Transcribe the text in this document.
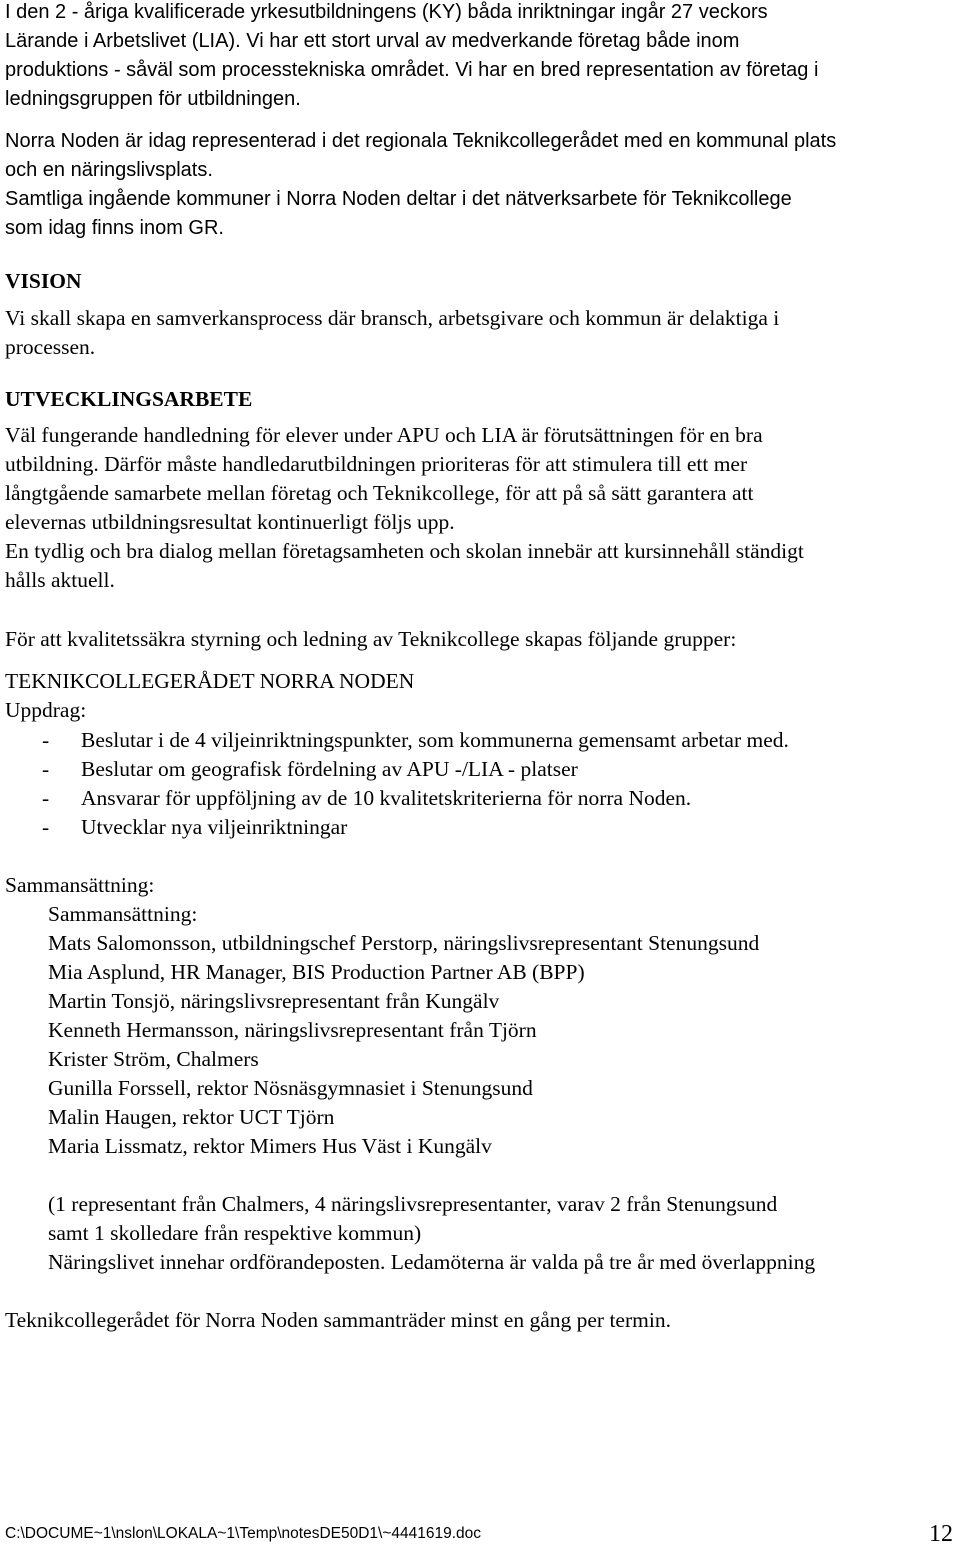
I den 2 - åriga kvalificerade yrkesutbildningens (KY) båda inriktningar ingår 27 veckors
Lärande i Arbetslivet (LIA). Vi har ett stort urval av medverkande företag både inom
produktions - såväl som processtekniska området. Vi har en bred representation av företag i
ledningsgruppen för utbildningen.
Norra Noden är idag representerad i det regionala Teknikcollegerådet med en kommunal plats
och en näringslivsplats.
Samtliga ingående kommuner i Norra Noden deltar i det nätverksarbete för Teknikcollege
som idag finns inom GR.
VISION
Vi skall skapa en samverkansprocess där bransch, arbetsgivare och kommun är delaktiga i
processen.
UTVECKLINGSARBETE
Väl fungerande handledning för elever under APU och LIA är förutsättningen för en bra
utbildning. Därför måste handledarutbildningen prioriteras för att stimulera till ett mer
långtgående samarbete mellan företag och Teknikcollege, för att på så sätt garantera att
elevernas utbildningsresultat kontinuerligt följs upp.
En tydlig och bra dialog mellan företagsamheten och skolan innebär att kursinnehåll ständigt
hålls aktuell.
För att kvalitetssäkra styrning och ledning av Teknikcollege skapas följande grupper:
TEKNIKCOLLEGERÅDET NORRA NODEN
Uppdrag:
- Beslutar i de 4 viljeinriktningspunkter, som kommunerna gemensamt arbetar med.
- Beslutar om geografisk fördelning av APU -/LIA - platser
- Ansvarar för uppföljning av de 10 kvalitetskriterierna för norra Noden.
- Utvecklar nya viljeinriktningar
Sammansättning:
Sammansättning:
Mats Salomonsson, utbildningschef Perstorp, näringslivsrepresentant Stenungsund
Mia Asplund, HR Manager, BIS Production Partner AB (BPP)
Martin Tonsjö, näringslivsrepresentant från Kungälv
Kenneth Hermansson, näringslivsrepresentant från Tjörn
Krister Ström, Chalmers
Gunilla Forssell, rektor Nösnäsgymnasiet i Stenungsund
Malin Haugen, rektor UCT Tjörn
Maria Lissmatz, rektor Mimers Hus Väst i Kungälv
(1 representant från Chalmers, 4 näringslivsrepresentanter, varav 2 från Stenungsund
samt 1 skolledare från respektive kommun)
Näringslivet innehar ordförandeposten. Ledamöterna är valda på tre år med överlappning
Teknikcollegerådet för Norra Noden sammanträder minst en gång per termin.
C:\DOCUME~1\nslon\LOKALA~1\Temp\notesDE50D1\~4441619.doc	12
